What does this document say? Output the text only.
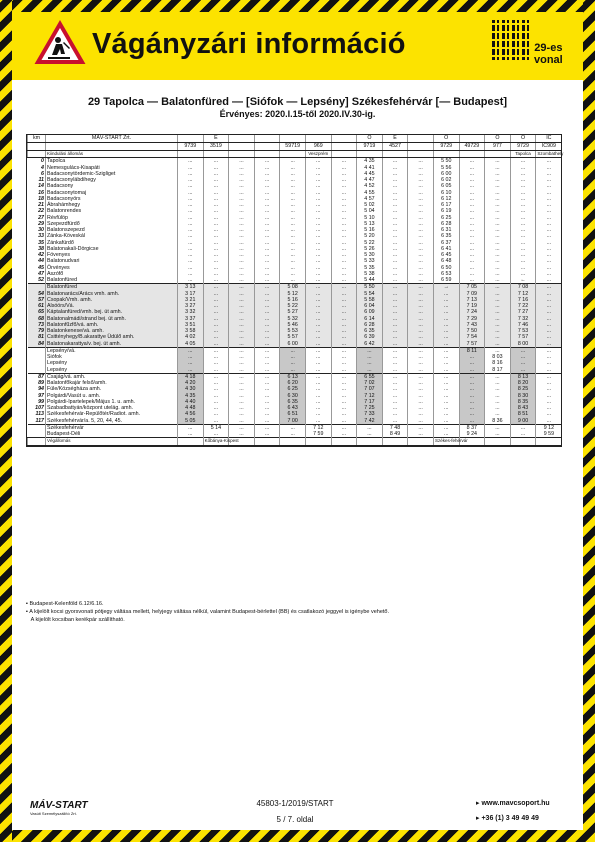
Vágányzári információ	29-es
vonal
29 Tapolca — Balatonfüred — [Siófok — Lepsény] Székesfehérvár [— Budapest]
Érvényes: 2020.I.15-től 2020.IV.30-ig.
km	MÁV-START Zrt.		E						O	E		O		O	O	IC
		9739	3519			59719	969		9719	4527		9729	49729	977	9729	IC909
	Kiindulási állomás						Veszprém								Tapolca	Szombathely
0	Tapolca	...	...	...	...	...	...	...	4 35	...	...	5 50	...	...	...	...
4	Nemesgulács-Kisapáti	...	...	...	...	...	...	...	4 41	...	...	5 56	...	...	...	...
6	Badacsonytördemic-Szigliget	...	...	...	...	...	...	...	4 45	...	...	6 00	...	...	...	...
11	Badacsonylábdihegy	...	...	...	...	...	...	...	4 47	...	...	6 02	...	...	...	...
14	Badacsony	...	...	...	...	...	...	...	4 52	...	...	6 05	...	...	...	...
16	Badacsonytomaj	...	...	...	...	...	...	...	4 55	...	...	6 10	...	...	...	...
18	Badacsonyörs	...	...	...	...	...	...	...	4 57	...	...	6 12	...	...	...	...
21	Ábrahámhegy	...	...	...	...	...	...	...	5 02	...	...	6 17	...	...	...	...
22	Balatonrendes	...	...	...	...	...	...	...	5 04	...	...	6 19	...	...	...	...
27	Révfülöp	...	...	...	...	...	...	...	5 10	...	...	6 25	...	...	...	...
29	Szepezdfürdő	...	...	...	...	...	...	...	5 13	...	...	6 28	...	...	...	...
30	Balatonszepezd	...	...	...	...	...	...	...	5 16	...	...	6 31	...	...	...	...
33	Zánka-Köveskál	...	...	...	...	...	...	...	5 20	...	...	6 35	...	...	...	...
35	Zánkafürdő	...	...	...	...	...	...	...	5 22	...	...	6 37	...	...	...	...
38	Balatonakali-Dörgicse	...	...	...	...	...	...	...	5 26	...	...	6 41	...	...	...	...
42	Fövenyes	...	...	...	...	...	...	...	5 30	...	...	6 45	...	...	...	...
44	Balatonudvari	...	...	...	...	...	...	...	5 33	...	...	6 48	...	...	...	...
45	Örvényes	...	...	...	...	...	...	...	5 35	...	...	6 50	...	...	...	...
47	Aszófő	...	...	...	...	...	...	...	5 38	...	...	6 53	...	...	...	...
52	Balatonfüred	...	...	...	...	...	...	...	5 44	...	...	6 59	...	...	←	...
	Balatonfüred	3 13	...	...	...	5 08	...	...	5 50	...	...	→	7 05	...	7 08	...
54	Balatonarács/Arács vmh. amh.	3 17	...	...	...	5 12	...	...	5 54	...	...	...	7 09	...	7 12	...
57	Csopak/Vmh. amh.	3 21	...	...	...	5 16	...	...	5 58	...	...	...	7 13	...	7 16	...
61	Alsóörs/Vá.	3 27	...	...	...	5 22	...	...	6 04	...	...	...	7 19	...	7 22	...
65	Káptalanfüred/vmh. bej. út amh.	3 32	...	...	...	5 27	...	...	6 09	...	...	...	7 24	...	7 27	...
68	Balatonalmádi/strand bej. út amh.	3 37	...	...	...	5 32	...	...	6 14	...	...	...	7 29	...	7 32	...
73	Balatonfűzfő/vá. amh.	3 51	...	...	...	5 46	...	...	6 28	...	...	...	7 43	...	7 46	...
79	Balatonkenese/vá. amh.	3 58	...	...	...	5 53	...	...	6 35	...	...	...	7 50	...	7 53	...
81	Csittényhegy/B.akarattye Üdülő amh.	4 02	...	...	...	5 57	...	...	6 39	...	...	...	7 54	...	7 57	...
84	Balatonakarattya/v. bej. út amh.	4 05	...	...	...	6 00	...	...	6 42	...	...	...	7 57	...	8 00	...
	Lepsény/vá.	...	...	...	...	...	...	...	...	...	...	...	8 11	...	...	...
	Siófok	...	...	...	...	...	...	...	...	...	...	...	...	8 03	...	...
	Lepsény	...	...	...	...	...	...	...	...	...	...	...	...	8 16	...	...
	Lepsény	...	...	...	...	...	...	...	...	...	...	...	...	8 17	...	...
87	Csajág/vá. amh.	4 18	...	...	...	6 13	...	...	6 55	...	...	...	...	...	8 13	...
89	Balatonfőkajár felső/amh.	4 20	...	...	...	6 20	...	...	7 02	...	...	...	...	...	8 20	...
94	Füle/Községháza amh.	4 30	...	...	...	6 25	...	...	7 07	...	...	...	...	...	8 25	...
97	Polgárdi/Vasút u. amh.	4 35	...	...	...	6 30	...	...	7 12	...	...	...	...	...	8 30	...
99	Polgárdi-Ipartelepek/Május 1. u. amh.	4 40	...	...	...	6 35	...	...	7 17	...	...	...	...	...	8 35	...
107	Szabadbattyán/központ utelág. amh.	4 48	...	...	...	6 43	...	...	7 25	...	...	...	...	...	8 43	...
113	Székesfehérvár-Repülőtér/Radiot. amh.	4 56	...	...	...	6 51	...	...	7 33	...	...	...	...	...	8 51	...
117	Székesfehérvár/a. 5, 20, 44, 45.	5 05	...	...	...	7 00	...	...	7 42	...	...	...	...	8 36	9 00	...
	Székesfehérvár	...	5 14	...	...	...	7 12	...	...	7 48	...	...	8 37	...	...	9 12
	Budapest-Déli	...	...	...	...	...	7 59	...	...	8 49	...	...	9 24	...	...	9 59
	Végállomás		Kőbánya-Kispest									Székes-fehérvár				
▪ Budapest-Kelenföld 6.12/6.16.
▪ A kijelölt kocsi gyorsvonati pótjegy váltása mellett, helyjegy váltása nélkül, valamint Budapest-bérlettel (BB) és csatlakozó jeggyel is igénybe vehető.
A kijelölt kocsiban kerékpár szállítható.
MÁV-START
Vasúti Személyszállító Zrt.
45803-1/2019/START
5 / 7. oldal
▸ www.mavcsoport.hu
▸ +36 (1) 3 49 49 49
